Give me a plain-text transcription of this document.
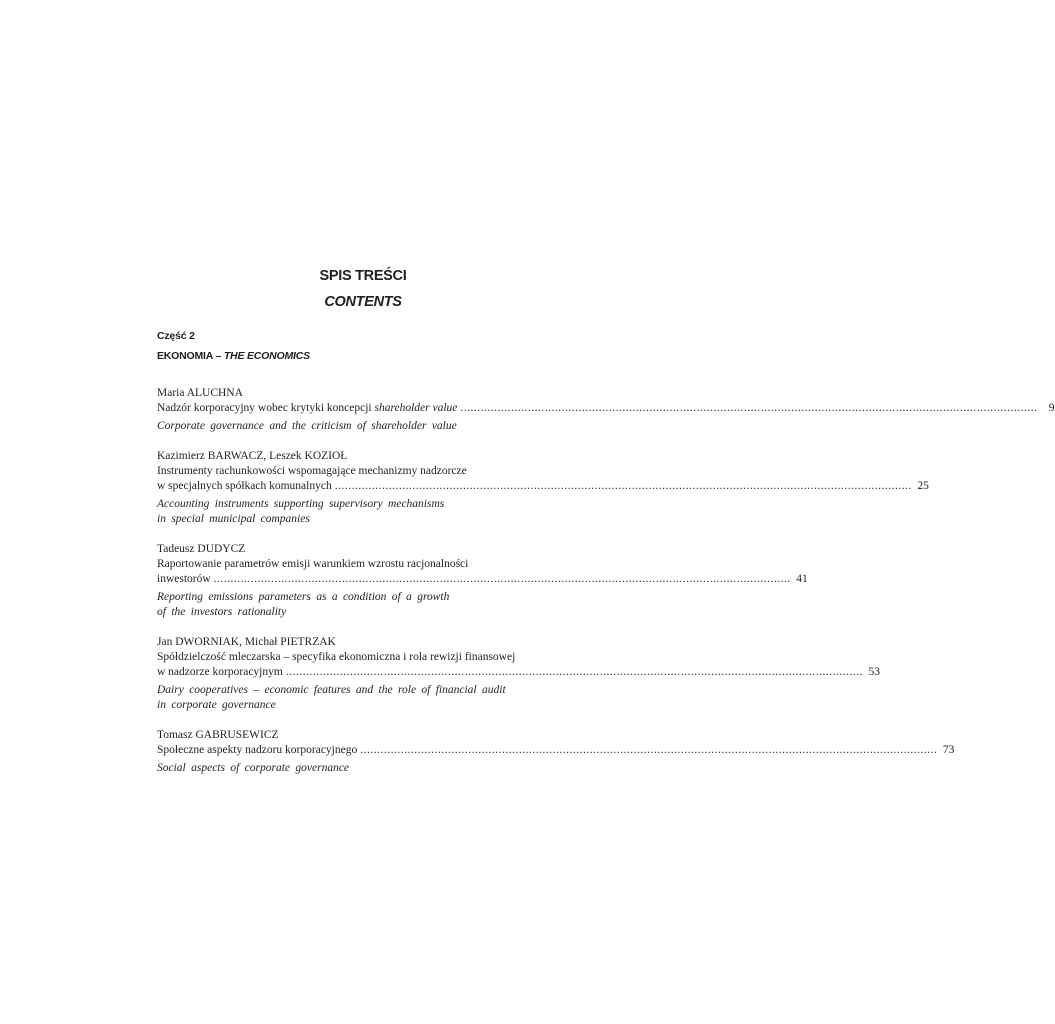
SPIS TREŚCI
CONTENTS
Część 2
EKONOMIA – THE ECONOMICS
Maria ALUCHNA
Nadzór korporacyjny wobec krytyki koncepcji shareholder value ........................................................................................................................................................................... 9
Corporate governance and the criticism of shareholder value
Kazimierz BARWACZ, Leszek KOZIOŁ
Instrumenty rachunkowości wspomagające mechanizmy nadzorcze
w specjalnych spółkach komunalnych ........................................................................................................................................................................... 25
Accounting instruments supporting supervisory mechanisms
in special municipal companies
Tadeusz DUDYCZ
Raportowanie parametrów emisji warunkiem wzrostu racjonalności
inwestorów ........................................................................................................................................................................... 41
Reporting emissions parameters as a condition of a growth
of the investors rationality
Jan DWORNIAK, Michał PIETRZAK
Spółdzielczość mleczarska – specyfika ekonomiczna i rola rewizji finansowej
w nadzorze korporacyjnym ........................................................................................................................................................................... 53
Dairy cooperatives – economic features and the role of financial audit
in corporate governance
Tomasz GABRUSEWICZ
Społeczne aspekty nadzoru korporacyjnego ........................................................................................................................................................................... 73
Social aspects of corporate governance
